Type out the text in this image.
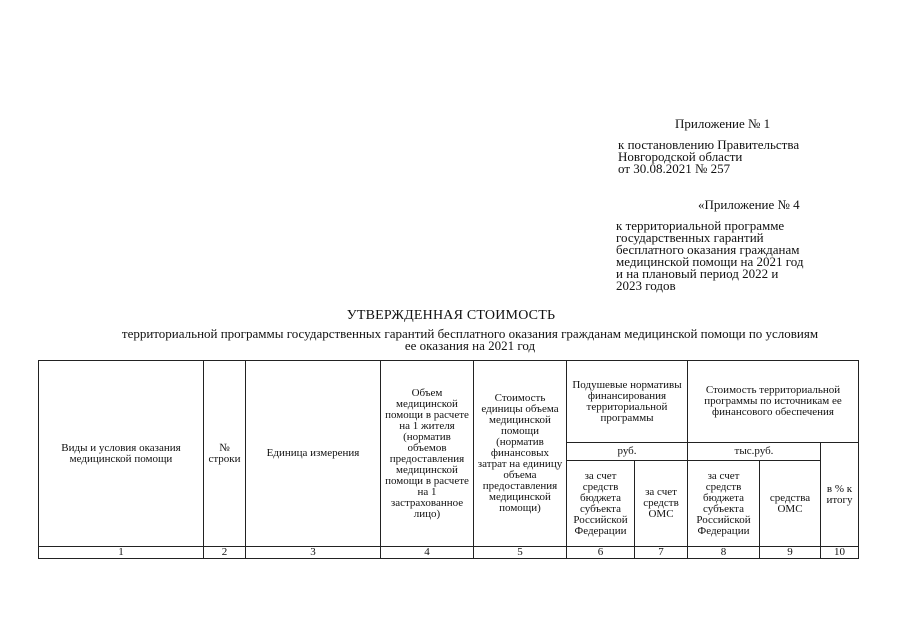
Приложение № 1
к постановлению Правительства
Новгородской области
от 30.08.2021 № 257
«Приложение № 4
к территориальной программе
государственных гарантий
бесплатного оказания гражданам
медицинской помощи на 2021 год
и на плановый период 2022 и
2023 годов
УТВЕРЖДЕННАЯ СТОИМОСТЬ
территориальной программы государственных гарантий бесплатного оказания гражданам медицинской помощи по условиям
ее оказания на 2021 год
Виды и условия оказания медицинской помощи	№ строки	Единица измерения	Объем медицинской помощи в расчете на 1 жителя (норматив объемов предоставления медицинской помощи в расчете на 1 застрахованное лицо)	Стоимость единицы объема медицинской помощи (норматив финансовых затрат на единицу объема предоставления медицинской помощи)	Подушевые нормативы финансирования территориальной программы		Стоимость территориальной программы по источникам ее финансового обеспечения		
					руб.		тыс.руб.		в % к итогу
					за счет средств бюджета субъекта Российской Федерации	за счет средств ОМС	за счет средств бюджета субъекта Российской Федерации	средства ОМС	
1	2	3	4	5	6	7	8	9	10
